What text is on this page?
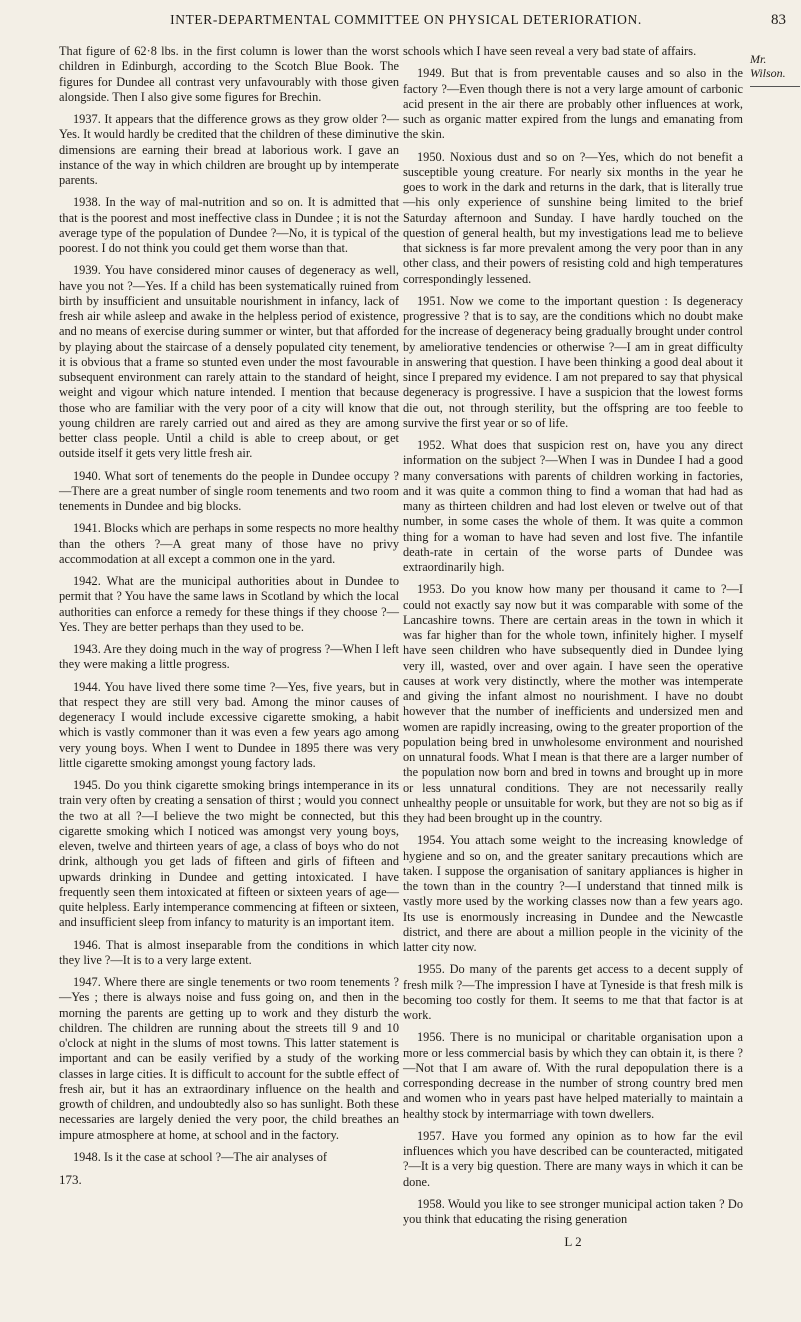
INTER-DEPARTMENTAL COMMITTEE ON PHYSICAL DETERIORATION.	83
Mr. Wilson.

That figure of 62·8 lbs. in the first column is lower than the worst children in Edinburgh, according to the Scotch Blue Book. The figures for Dundee all contrast very unfavourably with those given alongside. Then I also give some figures for Brechin.

1937. It appears that the difference grows as they grow older ?—Yes. It would hardly be credited that the children of these diminutive dimensions are earning their bread at laborious work. I gave an instance of the way in which children are brought up by intemperate parents.

1938. In the way of mal-nutrition and so on. It is admitted that that is the poorest and most ineffective class in Dundee ; it is not the average type of the population of Dundee ?—No, it is typical of the poorest. I do not think you could get them worse than that.

1939. You have considered minor causes of degeneracy as well, have you not ?—Yes. If a child has been systematically ruined from birth by insufficient and unsuitable nourishment in infancy, lack of fresh air while asleep and awake in the helpless period of existence, and no means of exercise during summer or winter, but that afforded by playing about the staircase of a densely populated city tenement, it is obvious that a frame so stunted even under the most favourable subsequent environment can rarely attain to the standard of height, weight and vigour which nature intended. I mention that because those who are familiar with the very poor of a city will know that young children are rarely carried out and aired as they are among better class people. Until a child is able to creep about, or get outside itself it gets very little fresh air.

1940. What sort of tenements do the people in Dundee occupy ?—There are a great number of single room tenements and two room tenements in Dundee and big blocks.

1941. Blocks which are perhaps in some respects no more healthy than the others ?—A great many of those have no privy accommodation at all except a common one in the yard.

1942. What are the municipal authorities about in Dundee to permit that ? You have the same laws in Scotland by which the local authorities can enforce a remedy for these things if they choose ?—Yes. They are better perhaps than they used to be.

1943. Are they doing much in the way of progress ?—When I left they were making a little progress.

1944. You have lived there some time ?—Yes, five years, but in that respect they are still very bad. Among the minor causes of degeneracy I would include excessive cigarette smoking, a habit which is vastly commoner than it was even a few years ago among very young boys. When I went to Dundee in 1895 there was very little cigarette smoking amongst young factory lads.

1945. Do you think cigarette smoking brings intemperance in its train very often by creating a sensation of thirst ; would you connect the two at all ?—I believe the two might be connected, but this cigarette smoking which I noticed was amongst very young boys, eleven, twelve and thirteen years of age, a class of boys who do not drink, although you get lads of fifteen and girls of fifteen and upwards drinking in Dundee and getting intoxicated. I have frequently seen them intoxicated at fifteen or sixteen years of age—quite helpless. Early intemperance commencing at fifteen or sixteen, and insufficient sleep from infancy to maturity is an important item.

1946. That is almost inseparable from the conditions in which they live ?—It is to a very large extent.

1947. Where there are single tenements or two room tenements ?—Yes ; there is always noise and fuss going on, and then in the morning the parents are getting up to work and they disturb the children. The children are running about the streets till 9 and 10 o'clock at night in the slums of most towns. This latter statement is important and can be easily verified by a study of the working classes in large cities. It is difficult to account for the subtle effect of fresh air, but it has an extraordinary influence on the health and growth of children, and undoubtedly also so has sunlight. Both these necessaries are largely denied the very poor, the child breathes an impure atmosphere at home, at school and in the factory.

1948. Is it the case at school ?—The air analyses of

173.

schools which I have seen reveal a very bad state of affairs.

1949. But that is from preventable causes and so also in the factory ?—Even though there is not a very large amount of carbonic acid present in the air there are probably other influences at work, such as organic matter expired from the lungs and emanating from the skin.

1950. Noxious dust and so on ?—Yes, which do not benefit a susceptible young creature. For nearly six months in the year he goes to work in the dark and returns in the dark, that is literally true—his only experience of sunshine being limited to the brief Saturday afternoon and Sunday. I have hardly touched on the question of general health, but my investigations lead me to believe that sickness is far more prevalent among the very poor than in any other class, and their powers of resisting cold and high temperatures correspondingly lessened.

1951. Now we come to the important question : Is degeneracy progressive ? that is to say, are the conditions which no doubt make for the increase of degeneracy being gradually brought under control by ameliorative tendencies or otherwise ?—I am in great difficulty in answering that question. I have been thinking a good deal about it since I prepared my evidence. I am not prepared to say that physical degeneracy is progressive. I have a suspicion that the lowest forms die out, not through sterility, but the offspring are too feeble to survive the first year or so of life.

1952. What does that suspicion rest on, have you any direct information on the subject ?—When I was in Dundee I had a good many conversations with parents of children working in factories, and it was quite a common thing to find a woman that had had as many as thirteen children and had lost eleven or twelve out of that number, in some cases the whole of them. It was quite a common thing for a woman to have had seven and lost five. The infantile death-rate in certain of the worse parts of Dundee was extraordinarily high.

1953. Do you know how many per thousand it came to ?—I could not exactly say now but it was comparable with some of the Lancashire towns. There are certain areas in the town in which it was far higher than for the whole town, infinitely higher. I myself have seen children who have subsequently died in Dundee lying very ill, wasted, over and over again. I have seen the operative causes at work very distinctly, where the mother was intemperate and giving the infant almost no nourishment. I have no doubt however that the number of inefficients and undersized men and women are rapidly increasing, owing to the greater proportion of the population being bred in unwholesome environment and nourished on unnatural foods. What I mean is that there are a larger number of the population now born and bred in towns and brought up in more or less unnatural conditions. They are not necessarily really unhealthy people or unsuitable for work, but they are not so big as if they had been brought up in the country.

1954. You attach some weight to the increasing knowledge of hygiene and so on, and the greater sanitary precautions which are taken. I suppose the organisation of sanitary appliances is higher in the town than in the country ?—I understand that tinned milk is vastly more used by the working classes now than a few years ago. Its use is enormously increasing in Dundee and the Newcastle district, and there are about a million people in the vicinity of the latter city now.

1955. Do many of the parents get access to a decent supply of fresh milk ?—The impression I have at Tyneside is that fresh milk is becoming too costly for them. It seems to me that that factor is at work.

1956. There is no municipal or charitable organisation upon a more or less commercial basis by which they can obtain it, is there ?—Not that I am aware of. With the rural depopulation there is a corresponding decrease in the number of strong country bred men and women who in years past have helped materially to maintain a healthy stock by intermarriage with town dwellers.

1957. Have you formed any opinion as to how far the evil influences which you have described can be counteracted, mitigated ?—It is a very big question. There are many ways in which it can be done.

1958. Would you like to see stronger municipal action taken ? Do you think that educating the rising generation

L 2
